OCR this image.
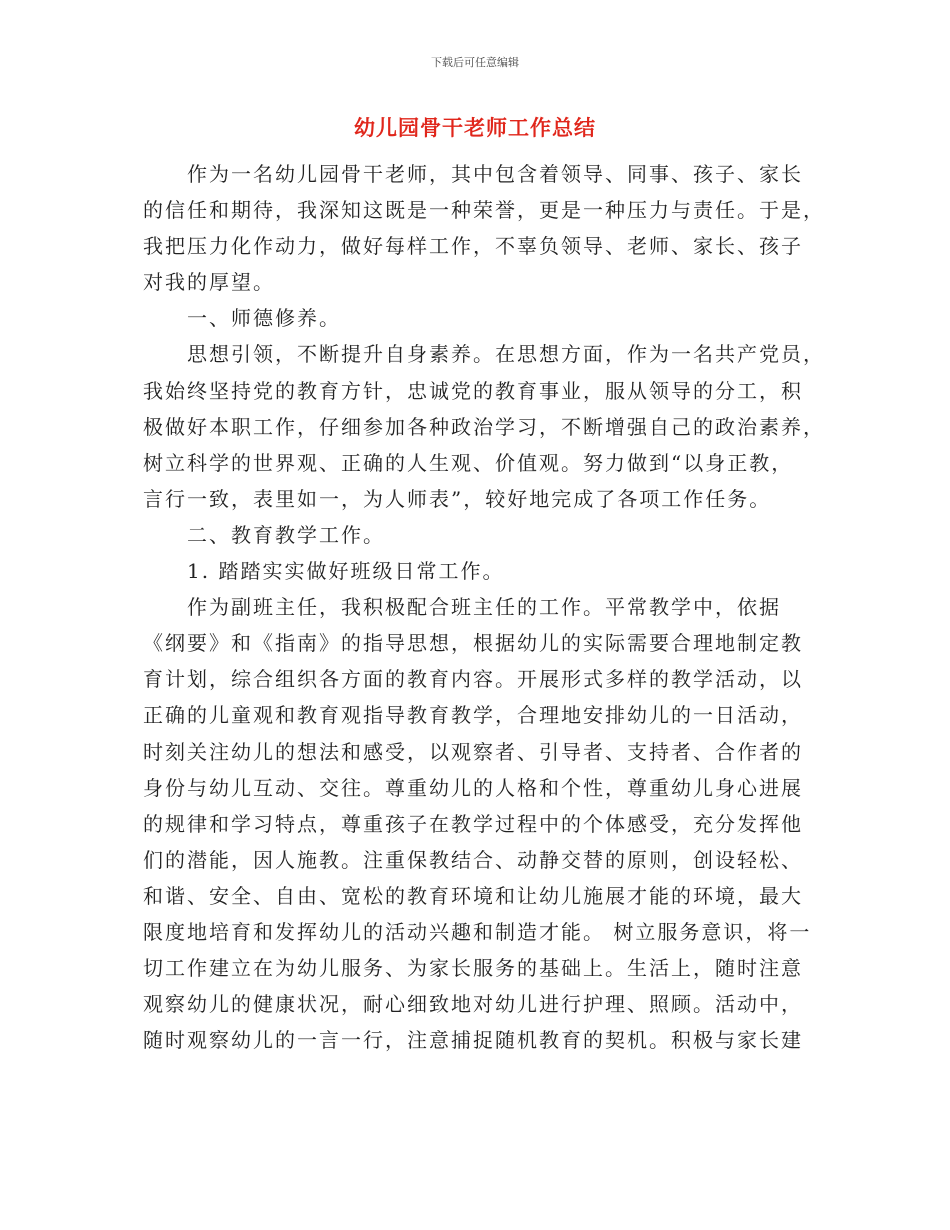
下载后可任意编辑
幼儿园骨干老师工作总结

作为一名幼儿园骨干老师，其中包含着领导、同事、孩子、家长
的信任和期待，我深知这既是一种荣誉，更是一种压力与责任。于是，
我把压力化作动力，做好每样工作，不辜负领导、老师、家长、孩子
对我的厚望。

一、师德修养。

思想引领，不断提升自身素养。在思想方面，作为一名共产党员，
我始终坚持党的教育方针，忠诚党的教育事业，服从领导的分工，积
极做好本职工作，仔细参加各种政治学习，不断增强自己的政治素养，
树立科学的世界观、正确的人生观、价值观。努力做到“以身正教，
言行一致，表里如一，为人师表”，较好地完成了各项工作任务。

二、教育教学工作。

1. 踏踏实实做好班级日常工作。

作为副班主任，我积极配合班主任的工作。平常教学中，依据
《纲要》和《指南》的指导思想，根据幼儿的实际需要合理地制定教
育计划，综合组织各方面的教育内容。开展形式多样的教学活动，以
正确的儿童观和教育观指导教育教学，合理地安排幼儿的一日活动，
时刻关注幼儿的想法和感受，以观察者、引导者、支持者、合作者的
身份与幼儿互动、交往。尊重幼儿的人格和个性，尊重幼儿身心进展
的规律和学习特点，尊重孩子在教学过程中的个体感受，充分发挥他
们的潜能，因人施教。注重保教结合、动静交替的原则，创设轻松、
和谐、安全、自由、宽松的教育环境和让幼儿施展才能的环境，最大
限度地培育和发挥幼儿的活动兴趣和制造才能。 树立服务意识，将一
切工作建立在为幼儿服务、为家长服务的基础上。生活上，随时注意
观察幼儿的健康状况，耐心细致地对幼儿进行护理、照顾。活动中，
随时观察幼儿的一言一行，注意捕捉随机教育的契机。积极与家长建
